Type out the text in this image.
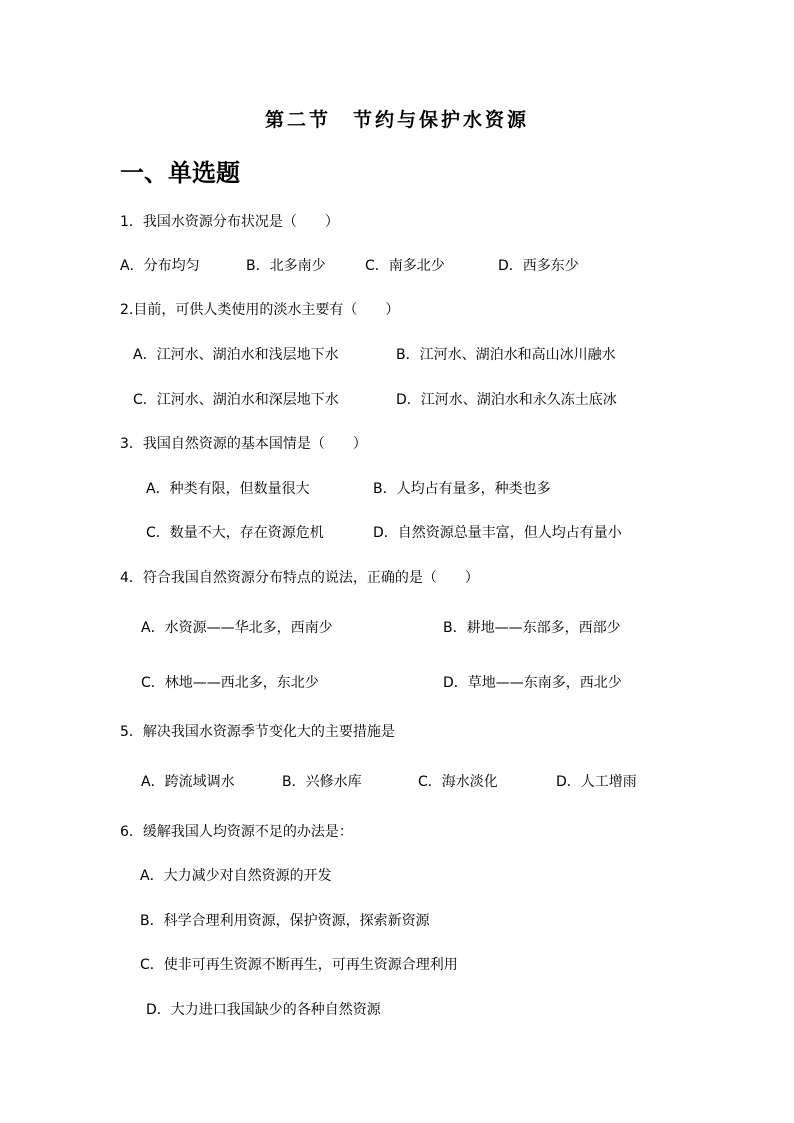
第二节　节约与保护水资源
一、单选题
1．我国水资源分布状况是（　　）
A．分布均匀	B．北多南少	C．南多北少	D．西多东少
2.目前，可供人类使用的淡水主要有（　　）
A．江河水、湖泊水和浅层地下水	B．江河水、湖泊水和高山冰川融水
C．江河水、湖泊水和深层地下水	D．江河水、湖泊水和永久冻土底冰
3．我国自然资源的基本国情是（　　）
A．种类有限，但数量很大	B．人均占有量多，种类也多
C．数量不大，存在资源危机	D．自然资源总量丰富，但人均占有量小
4．符合我国自然资源分布特点的说法，正确的是（　　）
A．水资源——华北多，西南少	B．耕地——东部多，西部少
C．林地——西北多，东北少	D．草地——东南多，西北少
5．解决我国水资源季节变化大的主要措施是
A．跨流域调水	B．兴修水库	C．海水淡化	D．人工增雨
6．缓解我国人均资源不足的办法是：
A．大力减少对自然资源的开发
B．科学合理利用资源，保护资源，探索新资源
C．使非可再生资源不断再生，可再生资源合理利用
D．大力进口我国缺少的各种自然资源
